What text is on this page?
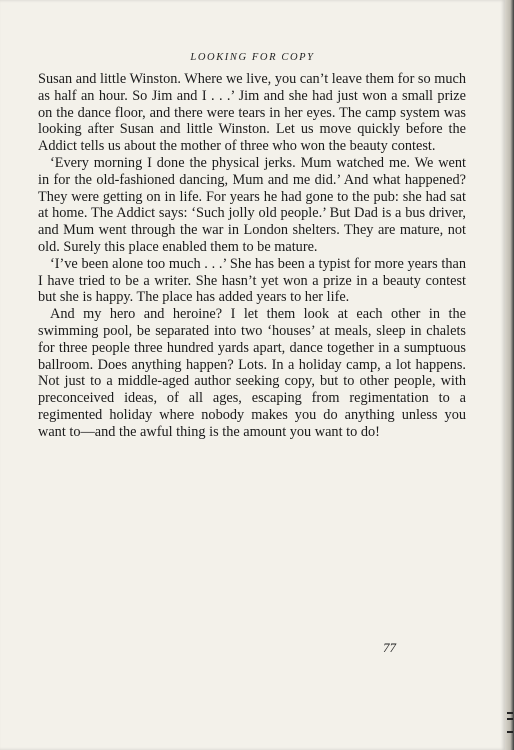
LOOKING FOR COPY

Susan and little Winston. Where we live, you can’t leave them for so much as half an hour. So Jim and I . . .’ Jim and she had just won a small prize on the dance floor, and there were tears in her eyes. The camp system was looking after Susan and little Winston. Let us move quickly before the Addict tells us about the mother of three who won the beauty contest.

‘Every morning I done the physical jerks. Mum watched me. We went in for the old-fashioned dancing, Mum and me did.’ And what happened? They were getting on in life. For years he had gone to the pub: she had sat at home. The Addict says: ‘Such jolly old people.’ But Dad is a bus driver, and Mum went through the war in London shelters. They are mature, not old. Surely this place enabled them to be mature.

‘I’ve been alone too much . . .’ She has been a typist for more years than I have tried to be a writer. She hasn’t yet won a prize in a beauty contest but she is happy. The place has added years to her life.

And my hero and heroine? I let them look at each other in the swimming pool, be separated into two ‘houses’ at meals, sleep in chalets for three people three hundred yards apart, dance together in a sumptuous ballroom. Does anything happen? Lots. In a holiday camp, a lot happens. Not just to a middle-aged author seeking copy, but to other people, with preconceived ideas, of all ages, escaping from regimentation to a regimented holiday where nobody makes you do anything unless you want to—and the awful thing is the amount you want to do!

77
